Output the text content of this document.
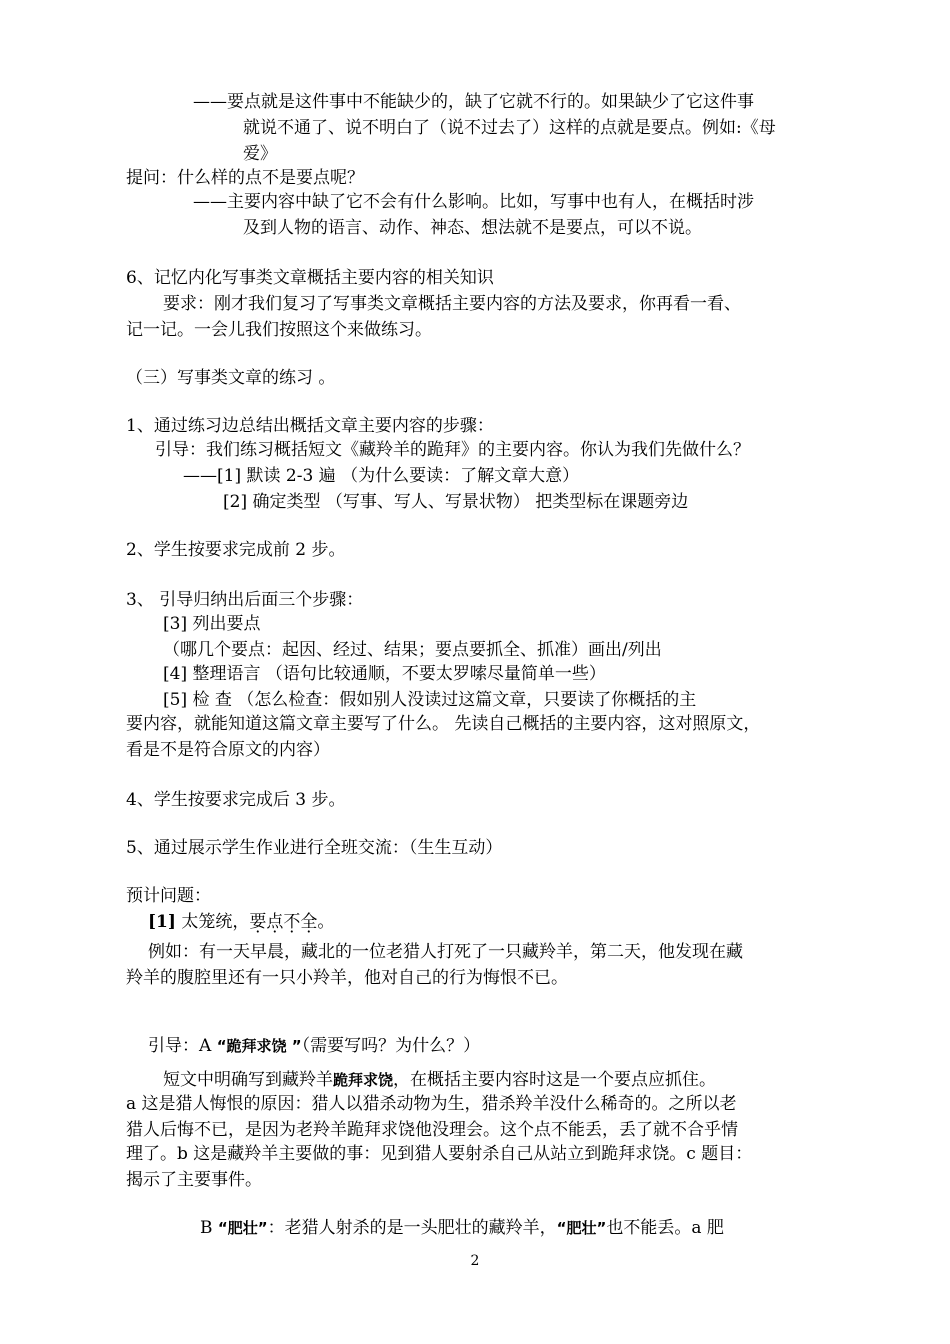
——要点就是这件事中不能缺少的，缺了它就不行的。如果缺少了它这件事
就说不通了、说不明白了（说不过去了）这样的点就是要点。例如:《母
爱》
提问：什么样的点不是要点呢？
——主要内容中缺了它不会有什么影响。比如，写事中也有人，在概括时涉
及到人物的语言、动作、神态、想法就不是要点，可以不说。
6、记忆内化写事类文章概括主要内容的相关知识
要求：刚才我们复习了写事类文章概括主要内容的方法及要求，你再看一看、
记一记。一会儿我们按照这个来做练习。
（三）写事类文章的练习 。
1、通过练习边总结出概括文章主要内容的步骤：
引导：我们练习概括短文《藏羚羊的跪拜》的主要内容。你认为我们先做什么？
——[1] 默读 2-3 遍 （为什么要读：了解文章大意）
[2] 确定类型 （写事、写人、写景状物） 把类型标在课题旁边
2、学生按要求完成前 2 步。
3、 引导归纳出后面三个步骤：
[3] 列出要点
（哪几个要点：起因、经过、结果；要点要抓全、抓准）画出/列出
[4] 整理语言 （语句比较通顺，不要太罗嗦尽量简单一些）
[5] 检 查 （怎么检查：假如别人没读过这篇文章，只要读了你概括的主
要内容，就能知道这篇文章主要写了什么。 先读自己概括的主要内容，这对照原文，
看是不是符合原文的内容）
4、学生按要求完成后 3 步。
5、通过展示学生作业进行全班交流：（生生互动）
预计问题：
[1] 太笼统，要点不全。
例如：有一天早晨，藏北的一位老猎人打死了一只藏羚羊，第二天，他发现在藏
羚羊的腹腔里还有一只小羚羊，他对自己的行为悔恨不已。
引导：A “跪拜求饶 ”（需要写吗？为什么？）
短文中明确写到藏羚羊跪拜求饶，在概括主要内容时这是一个要点应抓住。
a 这是猎人悔恨的原因：猎人以猎杀动物为生，猎杀羚羊没什么稀奇的。之所以老
猎人后悔不已，是因为老羚羊跪拜求饶他没理会。这个点不能丢，丢了就不合乎情
理了。b 这是藏羚羊主要做的事：见到猎人要射杀自己从站立到跪拜求饶。c 题目：
揭示了主要事件。
B “肥壮”：老猎人射杀的是一头肥壮的藏羚羊，“肥壮”也不能丢。a 肥
2
